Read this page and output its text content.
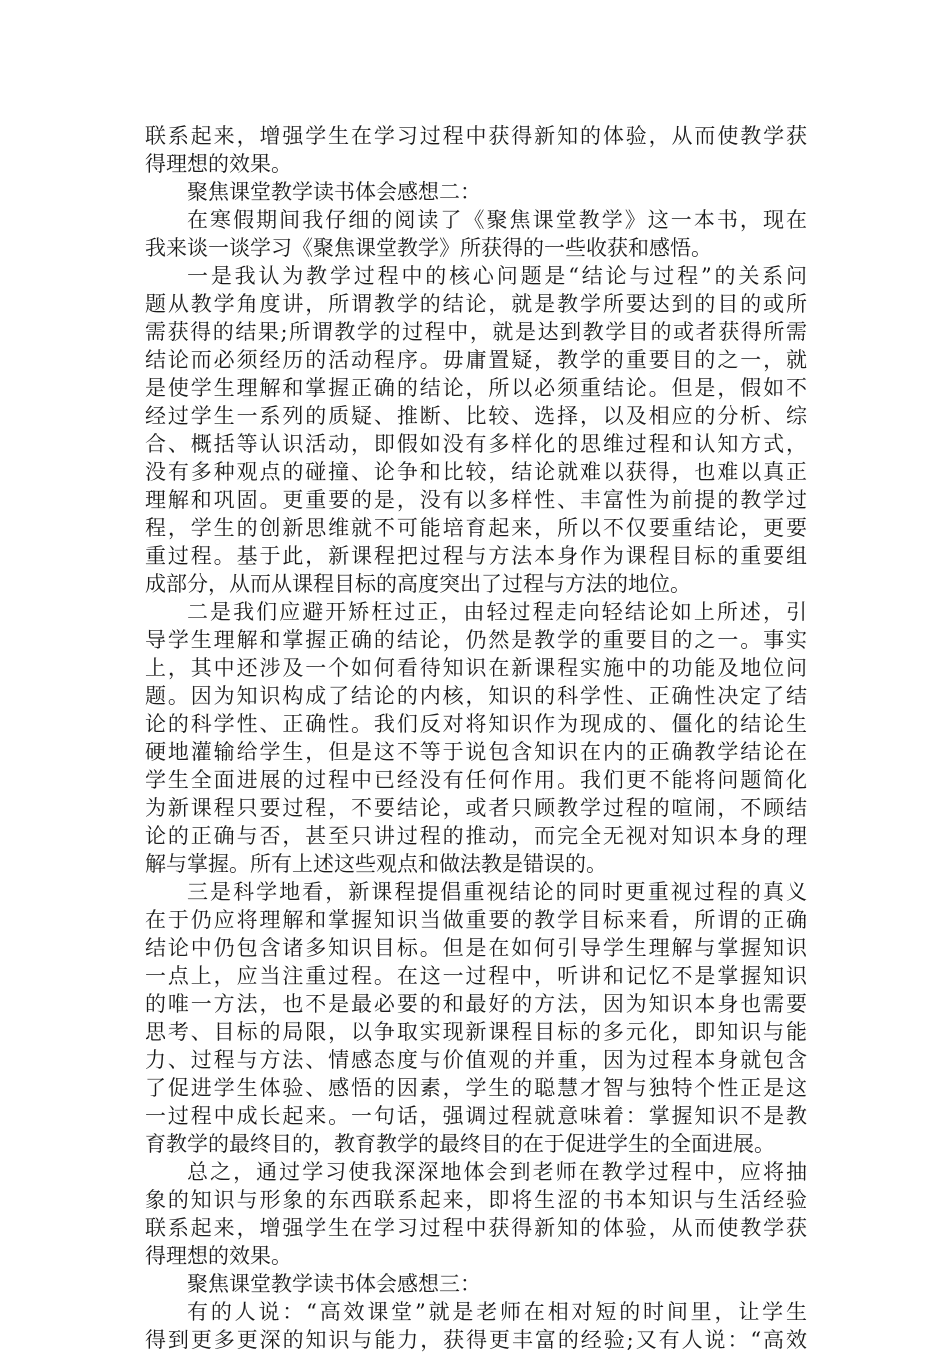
联系起来，增强学生在学习过程中获得新知的体验，从而使教学获
得理想的效果。
聚焦课堂教学读书体会感想二：
在寒假期间我仔细的阅读了《聚焦课堂教学》这一本书，现在
我来谈一谈学习《聚焦课堂教学》所获得的一些收获和感悟。
一是我认为教学过程中的核心问题是“结论与过程”的关系问
题从教学角度讲，所谓教学的结论，就是教学所要达到的目的或所
需获得的结果;所谓教学的过程中，就是达到教学目的或者获得所需
结论而必须经历的活动程序。毋庸置疑，教学的重要目的之一，就
是使学生理解和掌握正确的结论，所以必须重结论。但是，假如不
经过学生一系列的质疑、推断、比较、选择，以及相应的分析、综
合、概括等认识活动，即假如没有多样化的思维过程和认知方式，
没有多种观点的碰撞、论争和比较，结论就难以获得，也难以真正
理解和巩固。更重要的是，没有以多样性、丰富性为前提的教学过
程，学生的创新思维就不可能培育起来，所以不仅要重结论，更要
重过程。基于此，新课程把过程与方法本身作为课程目标的重要组
成部分，从而从课程目标的高度突出了过程与方法的地位。
二是我们应避开矫枉过正，由轻过程走向轻结论如上所述，引
导学生理解和掌握正确的结论，仍然是教学的重要目的之一。事实
上，其中还涉及一个如何看待知识在新课程实施中的功能及地位问
题。因为知识构成了结论的内核，知识的科学性、正确性决定了结
论的科学性、正确性。我们反对将知识作为现成的、僵化的结论生
硬地灌输给学生，但是这不等于说包含知识在内的正确教学结论在
学生全面进展的过程中已经没有任何作用。我们更不能将问题简化
为新课程只要过程，不要结论，或者只顾教学过程的喧闹，不顾结
论的正确与否，甚至只讲过程的推动，而完全无视对知识本身的理
解与掌握。所有上述这些观点和做法教是错误的。
三是科学地看，新课程提倡重视结论的同时更重视过程的真义
在于仍应将理解和掌握知识当做重要的教学目标来看，所谓的正确
结论中仍包含诸多知识目标。但是在如何引导学生理解与掌握知识
一点上，应当注重过程。在这一过程中，听讲和记忆不是掌握知识
的唯一方法，也不是最必要的和最好的方法，因为知识本身也需要
思考、目标的局限，以争取实现新课程目标的多元化，即知识与能
力、过程与方法、情感态度与价值观的并重，因为过程本身就包含
了促进学生体验、感悟的因素，学生的聪慧才智与独特个性正是这
一过程中成长起来。一句话，强调过程就意味着：掌握知识不是教
育教学的最终目的，教育教学的最终目的在于促进学生的全面进展。
总之，通过学习使我深深地体会到老师在教学过程中，应将抽
象的知识与形象的东西联系起来，即将生涩的书本知识与生活经验
联系起来，增强学生在学习过程中获得新知的体验，从而使教学获
得理想的效果。
聚焦课堂教学读书体会感想三：
有的人说：“高效课堂”就是老师在相对短的时间里，让学生
得到更多更深的知识与能力，获得更丰富的经验;又有人说：“高效
